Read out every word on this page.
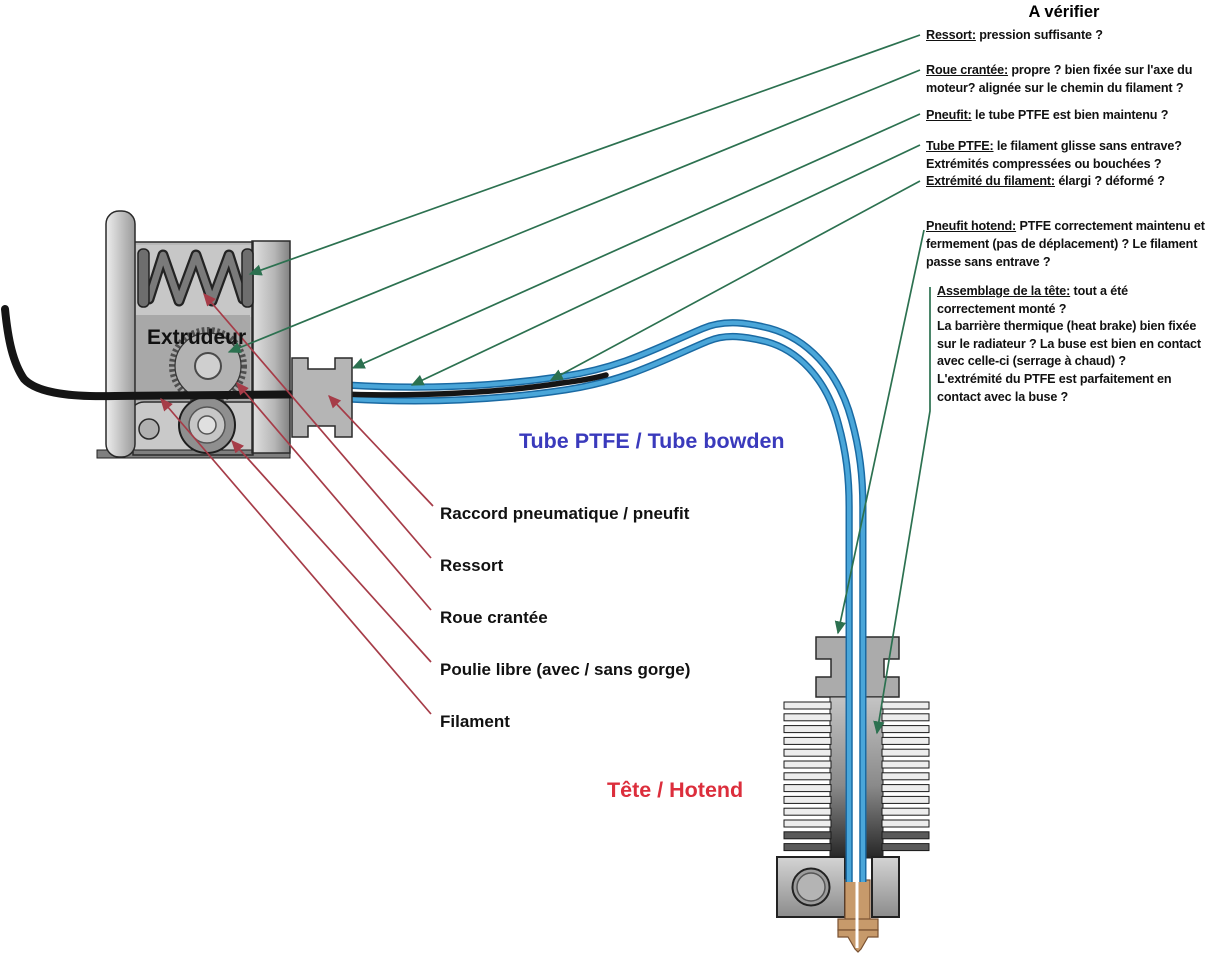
A vérifier
Ressort: pression suffisante ?
Roue crantée: propre ? bien fixée sur l'axe du moteur? alignée sur le chemin du filament ?
Pneufit: le tube PTFE est bien maintenu ?
Tube PTFE: le filament glisse sans entrave? Extrémités compressées ou bouchées ?
Extrémité du filament: élargi ? déformé ?
Pneufit hotend: PTFE correctement maintenu et fermement (pas de déplacement) ? Le filament passe sans entrave ?
Assemblage de la tête: tout a été correctement monté ?
La barrière thermique (heat brake) bien fixée sur le radiateur ? La buse est bien en contact avec celle-ci (serrage à chaud) ?
L'extrémité du PTFE est parfaitement en contact avec la buse ?
Extrudeur
Tube PTFE / Tube bowden
Tête / Hotend
Raccord pneumatique / pneufit
Ressort
Roue crantée
Poulie libre (avec / sans gorge)
Filament
